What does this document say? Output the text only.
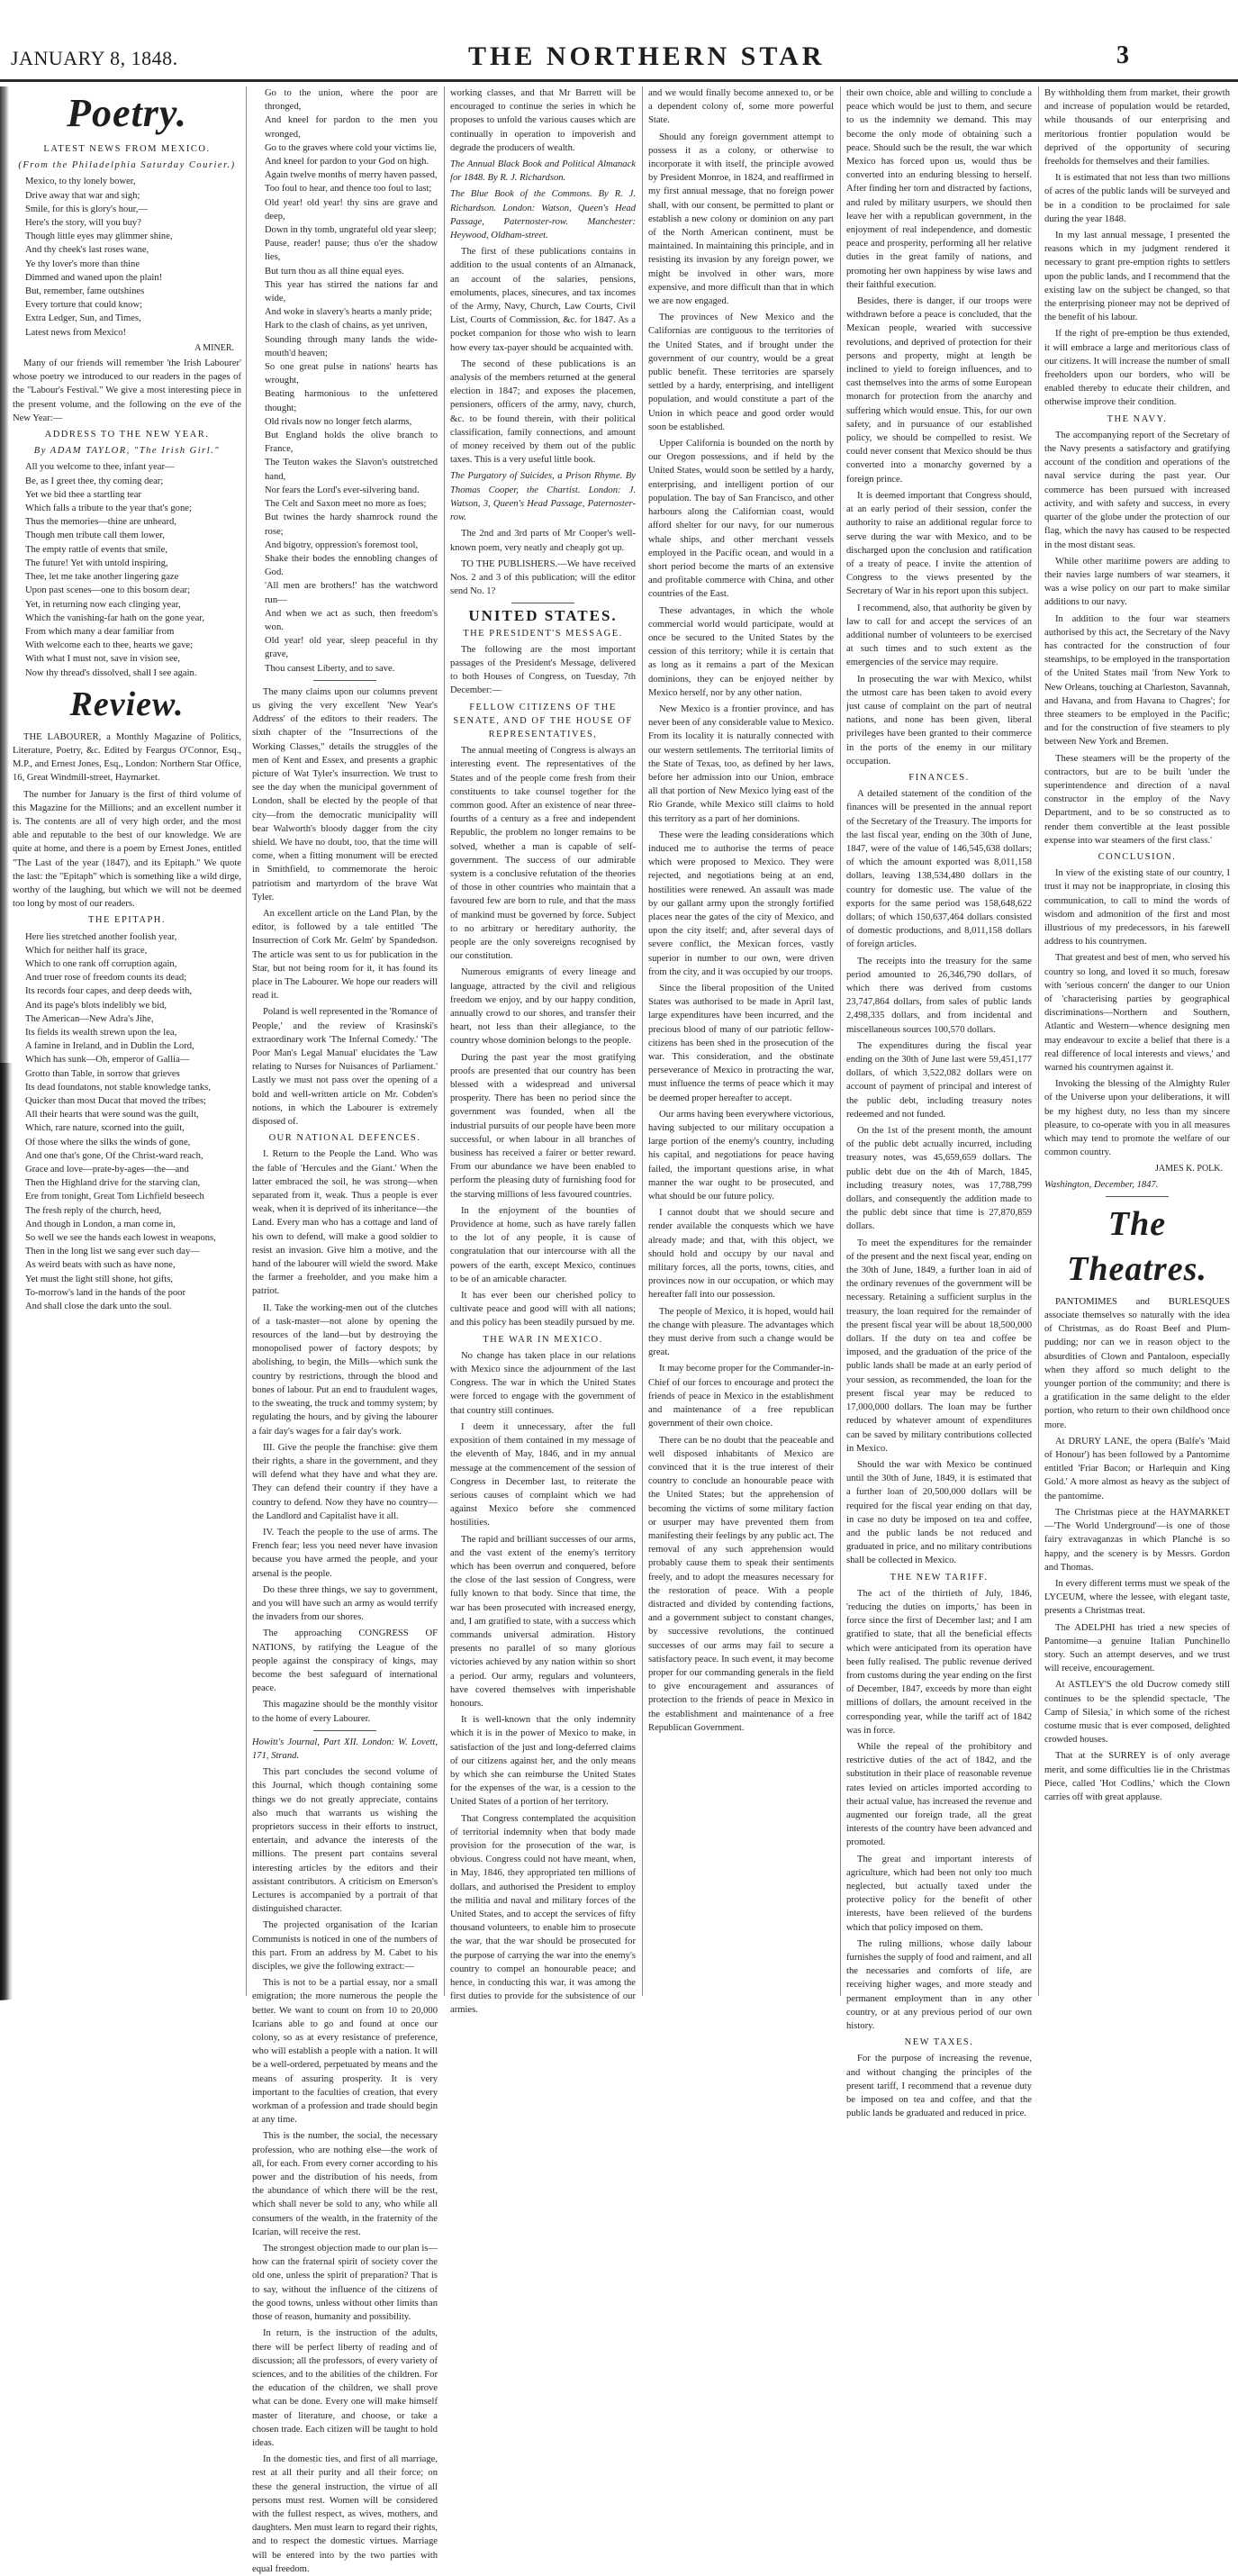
JANUARY 8, 1848.	THE NORTHERN STAR	3
Poetry.

LATEST NEWS FROM MEXICO.

(From the Philadelphia Saturday Courier.)

Mexico, to thy lonely bower,

Drive away that war and sigh;

Smile, for this is glory's hour,—

Here's the story, will you buy?

Though little eyes may glimmer shine,

And thy cheek's last roses wane,

Ye thy lover's more than thine

Dimmed and waned upon the plain!

But, remember, fame outshines

Every torture that could know;

Extra Ledger, Sun, and Times,

Latest news from Mexico!

A MINER.

Many of our friends will remember 'the Irish Labourer' whose poetry we introduced to our readers in the pages of the "Labour's Festival." We give a most interesting piece in the present volume, and the following on the eve of the New Year:—

ADDRESS TO THE NEW YEAR.

By ADAM TAYLOR, "The Irish Girl."

All you welcome to thee, infant year—

Be, as I greet thee, thy coming dear;

Yet we bid thee a startling tear

Which falls a tribute to the year that's gone;

Thus the memories—thine are unheard,

Though men tribute call them lower,

The empty rattle of events that smile,

The future! Yet with untold inspiring,

Thee, let me take another lingering gaze

Upon past scenes—one to this bosom dear;

Yet, in returning now each clinging year,

Which the vanishing-far hath on the gone year,

From which many a dear familiar from

With welcome each to thee, hearts we gave;

With what I must not, save in vision see,

Now thy thread's dissolved, shall I see again.

Review.

THE LABOURER, a Monthly Magazine of Politics, Literature, Poetry, &c. Edited by Feargus O'Connor, Esq., M.P., and Ernest Jones, Esq., London: Northern Star Office, 16, Great Windmill-street, Haymarket.

The number for January is the first of third volume of this Magazine for the Millions; and an excellent number it is. The contents are all of very high order, and the most able and reputable to the best of our knowledge. We are quite at home, and there is a poem by Ernest Jones, entitled "The Last of the year (1847), and its Epitaph." We quote the last: the "Epitaph" which is something like a wild dirge, worthy of the laughing, but which we will not be deemed too long by most of our readers.

THE EPITAPH.

Here lies stretched another foolish year,

Which for neither half its grace,

Which to one rank off corruption again,

And truer rose of freedom counts its dead;

Its records four capes, and deep deeds with,

And its page's blots indelibly we bid,

The American—New Adra's Jihe,

Its fields its wealth strewn upon the lea,

A famine in Ireland, and in Dublin the Lord,

Which has sunk—Oh, emperor of Gallia—

Grotto than Table, in sorrow that grieves

Its dead foundatons, not stable knowledge tanks,

Quicker than most Ducat that moved the tribes;

All their hearts that were sound was the guilt,

Which, rare nature, scorned into the guilt,

Of those where the silks the winds of gone,

And one that's gone, Of the Christ-ward reach,

Grace and love—prate-by-ages—the—and

Then the Highland drive for the starving clan,

Ere from tonight, Great Tom Lichfield beseech

The fresh reply of the church, heed,

And though in London, a man come in,

So well we see the hands each lowest in weapons,

Then in the long list we sang ever such day—

As weird beats with such as have none,

Yet must the light still shone, hot gifts,

To-morrow's land in the hands of the poor

And shall close the dark unto the soul.

Go to the union, where the poor are thronged,

And kneel for pardon to the men you wronged,

Go to the graves where cold your victims lie,

And kneel for pardon to your God on high.

Again twelve months of merry haven passed,

Too foul to hear, and thence too foul to last;

Old year! old year! thy sins are grave and deep,

Down in thy tomb, ungrateful old year sleep;

Pause, reader! pause; thus o'er the shadow lies,

But turn thou as all thine equal eyes.

This year has stirred the nations far and wide,

And woke in slavery's hearts a manly pride;

Hark to the clash of chains, as yet unriven,

Sounding through many lands the wide-mouth'd heaven;

So one great pulse in nations' hearts has wrought,

Beating harmonious to the unfettered thought;

Old rivals now no longer fetch alarms,

But England holds the olive branch to France,

The Teuton wakes the Slavon's outstretched hand,

Nor fears the Lord's ever-silvering band.

The Celt and Saxon meet no more as foes;

But twines the hardy shamrock round the rose;

And bigotry, oppression's foremost tool,

Shake their bodes the ennobling changes of God.

'All men are brothers!' has the watchword run—

And when we act as such, then freedom's won.

Old year! old year, sleep peaceful in thy grave,

Thou cansest Liberty, and to save.

The many claims upon our columns prevent us giving the very excellent 'New Year's Address' of the editors to their readers. The sixth chapter of the "Insurrections of the Working Classes," details the struggles of the men of Kent and Essex, and presents a graphic picture of Wat Tyler's insurrection. We trust to see the day when the municipal government of London, shall be elected by the people of that city—from the democratic municipality will bear Walworth's bloody dagger from the city shield. We have no doubt, too, that the time will come, when a fitting monument will be erected in Smithfield, to commemorate the heroic patriotism and martyrdom of the brave Wat Tyler.

An excellent article on the Land Plan, by the editor, is followed by a tale entitled 'The Insurrection of Cork Mr. Gelm' by Spandedson. The article was sent to us for publication in the Star, but not being room for it, it has found its place in The Labourer. We hope our readers will read it.

Poland is well represented in the 'Romance of People,' and the review of Krasinski's extraordinary work 'The Infernal Comedy.' 'The Poor Man's Legal Manual' elucidates the 'Law relating to Nurses for Nuisances of Parliament.' Lastly we must not pass over the opening of a bold and well-written article on Mr. Cobden's notions, in which the Labourer is extremely disposed of.

OUR NATIONAL DEFENCES.

I. Return to the People the Land. Who was the fable of 'Hercules and the Giant.' When the latter embraced the soil, he was strong—when separated from it, weak. Thus a people is ever weak, when it is deprived of its inheritance—the Land. Every man who has a cottage and land of his own to defend, will make a good soldier to resist an invasion. Give him a motive, and the hand of the labourer will wield the sword. Make the farmer a freeholder, and you make him a patriot.

II. Take the working-men out of the clutches of a task-master—not alone by opening the resources of the land—but by destroying the monopolised power of factory despots; by abolishing, to begin, the Mills—which sunk the country by restrictions, through the blood and bones of labour. Put an end to fraudulent wages, to the sweating, the truck and tommy system; by regulating the hours, and by giving the labourer a fair day's wages for a fair day's work.

III. Give the people the franchise: give them their rights, a share in the government, and they will defend what they have and what they are. They can defend their country if they have a country to defend. Now they have no country—the Landlord and Capitalist have it all.

IV. Teach the people to the use of arms. The French fear; less you need never have invasion because you have armed the people, and your arsenal is the people.

Do these three things, we say to government, and you will have such an army as would terrify the invaders from our shores.

The approaching CONGRESS OF NATIONS, by ratifying the League of the people against the conspiracy of kings, may become the best safeguard of international peace.

This magazine should be the monthly visitor to the home of every Labourer.

Howitt's Journal, Part XII. London: W. Lovett, 171, Strand.

This part concludes the second volume of this Journal, which though containing some things we do not greatly appreciate, contains also much that warrants us wishing the proprietors success in their efforts to instruct, entertain, and advance the interests of the millions. The present part contains several interesting articles by the editors and their assistant contributors. A criticism on Emerson's Lectures is accompanied by a portrait of that distinguished character.

The projected organisation of the Icarian Communists is noticed in one of the numbers of this part. From an address by M. Cabet to his disciples, we give the following extract:—

This is not to be a partial essay, nor a small emigration; the more numerous the people the better. We want to count on from 10 to 20,000 Icarians able to go and found at once our colony, so as at every resistance of preference, who will establish a people with a nation. It will be a well-ordered, perpetuated by means and the means of assuring prosperity. It is very important to the faculties of creation, that every workman of a profession and trade should begin at any time.

This is the number, the social, the necessary profession, who are nothing else—the work of all, for each. From every corner according to his power and the distribution of his needs, from the abundance of which there will be the rest, which shall never be sold to any, who while all consumers of the wealth, in the fraternity of the Icarian, will receive the rest.

The strongest objection made to our plan is—how can the fraternal spirit of society cover the old one, unless the spirit of preparation? That is to say, without the influence of the citizens of the good towns, unless without other limits than those of reason, humanity and possibility.

In return, is the instruction of the adults, there will be perfect liberty of reading and of discussion; all the professors, of every variety of sciences, and to the abilities of the children. For the education of the children, we shall prove what can be done. Every one will make himself master of literature, and choose, or take a chosen trade. Each citizen will be taught to hold ideas.

In the domestic ties, and first of all marriage, rest at all their purity and all their force; on these the general instruction, the virtue of all persons must rest. Women will be considered with the fullest respect, as wives, mothers, and daughters. Men must learn to regard their rights, and to respect the domestic virtues. Marriage will be entered into by the two parties with equal freedom.

working classes, and that Mr Barrett will be encouraged to continue the series in which he proposes to unfold the various causes which are continually in operation to impoverish and degrade the producers of wealth.

The Annual Black Book and Political Almanack for 1848. By R. J. Richardson.

The Blue Book of the Commons. By R. J. Richardson. London: Watson, Queen's Head Passage, Paternoster-row. Manchester: Heywood, Oldham-street.

The first of these publications contains in addition to the usual contents of an Almanack, an account of the salaries, pensions, emoluments, places, sinecures, and tax incomes of the Army, Navy, Church, Law Courts, Civil List, Courts of Commission, &c. for 1847. As a pocket companion for those who wish to learn how every tax-payer should be acquainted with.

The second of these publications is an analysis of the members returned at the general election in 1847; and exposes the placemen, pensioners, officers of the army, navy, church, &c. to be found therein, with their political classification, family connections, and amount of money received by them out of the public taxes. This is a very useful little book.

The Purgatory of Suicides, a Prison Rhyme. By Thomas Cooper, the Chartist. London: J. Watson, 3, Queen's Head Passage, Paternoster-row.

The 2nd and 3rd parts of Mr Cooper's well-known poem, very neatly and cheaply got up.

TO THE PUBLISHERS.—We have received Nos. 2 and 3 of this publication; will the editor send No. 1?

UNITED STATES.
THE PRESIDENT'S MESSAGE.

The following are the most important passages of the President's Message, delivered to both Houses of Congress, on Tuesday, 7th December:—

FELLOW CITIZENS OF THE SENATE, AND OF THE HOUSE OF REPRESENTATIVES,

The annual meeting of Congress is always an interesting event. The representatives of the States and of the people come fresh from their constituents to take counsel together for the common good. After an existence of near three-fourths of a century as a free and independent Republic, the problem no longer remains to be solved, whether a man is capable of self-government. The success of our admirable system is a conclusive refutation of the theories of those in other countries who maintain that a favoured few are born to rule, and that the mass of mankind must be governed by force. Subject to no arbitrary or hereditary authority, the people are the only sovereigns recognised by our constitution.

Numerous emigrants of every lineage and language, attracted by the civil and religious freedom we enjoy, and by our happy condition, annually crowd to our shores, and transfer their heart, not less than their allegiance, to the country whose dominion belongs to the people.

During the past year the most gratifying proofs are presented that our country has been blessed with a widespread and universal prosperity. There has been no period since the government was founded, when all the industrial pursuits of our people have been more successful, or when labour in all branches of business has received a fairer or better reward. From our abundance we have been enabled to perform the pleasing duty of furnishing food for the starving millions of less favoured countries.

In the enjoyment of the bounties of Providence at home, such as have rarely fallen to the lot of any people, it is cause of congratulation that our intercourse with all the powers of the earth, except Mexico, continues to be of an amicable character.

It has ever been our cherished policy to cultivate peace and good will with all nations; and this policy has been steadily pursued by me.

THE WAR IN MEXICO.

No change has taken place in our relations with Mexico since the adjournment of the last Congress. The war in which the United States were forced to engage with the government of that country still continues.

I deem it unnecessary, after the full exposition of them contained in my message of the eleventh of May, 1846, and in my annual message at the commencement of the session of Congress in December last, to reiterate the serious causes of complaint which we had against Mexico before she commenced hostilities.

The rapid and brilliant successes of our arms, and the vast extent of the enemy's territory which has been overrun and conquered, before the close of the last session of Congress, were fully known to that body. Since that time, the war has been prosecuted with increased energy, and, I am gratified to state, with a success which commands universal admiration. History presents no parallel of so many glorious victories achieved by any nation within so short a period. Our army, regulars and volunteers, have covered themselves with imperishable honours.

It is well-known that the only indemnity which it is in the power of Mexico to make, in satisfaction of the just and long-deferred claims of our citizens against her, and the only means by which she can reimburse the United States for the expenses of the war, is a cession to the United States of a portion of her territory.

That Congress contemplated the acquisition of territorial indemnity when that body made provision for the prosecution of the war, is obvious. Congress could not have meant, when, in May, 1846, they appropriated ten millions of dollars, and authorised the President to employ the militia and naval and military forces of the United States, and to accept the services of fifty thousand volunteers, to enable him to prosecute the war, that the war should be prosecuted for the purpose of carrying the war into the enemy's country to compel an honourable peace; and hence, in conducting this war, it was among the first duties to provide for the subsistence of our armies.

and we would finally become annexed to, or be a dependent colony of, some more powerful State.

Should any foreign government attempt to possess it as a colony, or otherwise to incorporate it with itself, the principle avowed by President Monroe, in 1824, and reaffirmed in my first annual message, that no foreign power shall, with our consent, be permitted to plant or establish a new colony or dominion on any part of the North American continent, must be maintained. In maintaining this principle, and in resisting its invasion by any foreign power, we might be involved in other wars, more expensive, and more difficult than that in which we are now engaged.

The provinces of New Mexico and the Californias are contiguous to the territories of the United States, and if brought under the government of our country, would be a great public benefit. These territories are sparsely settled by a hardy, enterprising, and intelligent population, and would constitute a part of the Union in which peace and good order would soon be established.

Upper California is bounded on the north by our Oregon possessions, and if held by the United States, would soon be settled by a hardy, enterprising, and intelligent portion of our population. The bay of San Francisco, and other harbours along the Californian coast, would afford shelter for our navy, for our numerous whale ships, and other merchant vessels employed in the Pacific ocean, and would in a short period become the marts of an extensive and profitable commerce with China, and other countries of the East.

These advantages, in which the whole commercial world would participate, would at once be secured to the United States by the cession of this territory; while it is certain that as long as it remains a part of the Mexican dominions, they can be enjoyed neither by Mexico herself, nor by any other nation.

New Mexico is a frontier province, and has never been of any considerable value to Mexico. From its locality it is naturally connected with our western settlements. The territorial limits of the State of Texas, too, as defined by her laws, before her admission into our Union, embrace all that portion of New Mexico lying east of the Rio Grande, while Mexico still claims to hold this territory as a part of her dominions.

These were the leading considerations which induced me to authorise the terms of peace which were proposed to Mexico. They were rejected, and negotiations being at an end, hostilities were renewed. An assault was made by our gallant army upon the strongly fortified places near the gates of the city of Mexico, and upon the city itself; and, after several days of severe conflict, the Mexican forces, vastly superior in number to our own, were driven from the city, and it was occupied by our troops.

Since the liberal proposition of the United States was authorised to be made in April last, large expenditures have been incurred, and the precious blood of many of our patriotic fellow-citizens has been shed in the prosecution of the war. This consideration, and the obstinate perseverance of Mexico in protracting the war, must influence the terms of peace which it may be deemed proper hereafter to accept.

Our arms having been everywhere victorious, having subjected to our military occupation a large portion of the enemy's country, including his capital, and negotiations for peace having failed, the important questions arise, in what manner the war ought to be prosecuted, and what should be our future policy.

I cannot doubt that we should secure and render available the conquests which we have already made; and that, with this object, we should hold and occupy by our naval and military forces, all the ports, towns, cities, and provinces now in our occupation, or which may hereafter fall into our possession.

The people of Mexico, it is hoped, would hail the change with pleasure. The advantages which they must derive from such a change would be great.

It may become proper for the Commander-in-Chief of our forces to encourage and protect the friends of peace in Mexico in the establishment and maintenance of a free republican government of their own choice.

There can be no doubt that the peaceable and well disposed inhabitants of Mexico are convinced that it is the true interest of their country to conclude an honourable peace with the United States; but the apprehension of becoming the victims of some military faction or usurper may have prevented them from manifesting their feelings by any public act. The removal of any such apprehension would probably cause them to speak their sentiments freely, and to adopt the measures necessary for the restoration of peace. With a people distracted and divided by contending factions, and a government subject to constant changes, by successive revolutions, the continued successes of our arms may fail to secure a satisfactory peace. In such event, it may become proper for our commanding generals in the field to give encouragement and assurances of protection to the friends of peace in Mexico in the establishment and maintenance of a free Republican Government.

their own choice, able and willing to conclude a peace which would be just to them, and secure to us the indemnity we demand. This may become the only mode of obtaining such a peace. Should such be the result, the war which Mexico has forced upon us, would thus be converted into an enduring blessing to herself. After finding her torn and distracted by factions, and ruled by military usurpers, we should then leave her with a republican government, in the enjoyment of real independence, and domestic peace and prosperity, performing all her relative duties in the great family of nations, and promoting her own happiness by wise laws and their faithful execution.

Besides, there is danger, if our troops were withdrawn before a peace is concluded, that the Mexican people, wearied with successive revolutions, and deprived of protection for their persons and property, might at length be inclined to yield to foreign influences, and to cast themselves into the arms of some European monarch for protection from the anarchy and suffering which would ensue. This, for our own safety, and in pursuance of our established policy, we should be compelled to resist. We could never consent that Mexico should be thus converted into a monarchy governed by a foreign prince.

It is deemed important that Congress should, at an early period of their session, confer the authority to raise an additional regular force to serve during the war with Mexico, and to be discharged upon the conclusion and ratification of a treaty of peace. I invite the attention of Congress to the views presented by the Secretary of War in his report upon this subject.

I recommend, also, that authority be given by law to call for and accept the services of an additional number of volunteers to be exercised at such times and to such extent as the emergencies of the service may require.

In prosecuting the war with Mexico, whilst the utmost care has been taken to avoid every just cause of complaint on the part of neutral nations, and none has been given, liberal privileges have been granted to their commerce in the ports of the enemy in our military occupation.

FINANCES.

A detailed statement of the condition of the finances will be presented in the annual report of the Secretary of the Treasury. The imports for the last fiscal year, ending on the 30th of June, 1847, were of the value of 146,545,638 dollars; of which the amount exported was 8,011,158 dollars, leaving 138,534,480 dollars in the country for domestic use. The value of the exports for the same period was 158,648,622 dollars; of which 150,637,464 dollars consisted of domestic productions, and 8,011,158 dollars of foreign articles.

The receipts into the treasury for the same period amounted to 26,346,790 dollars, of which there was derived from customs 23,747,864 dollars, from sales of public lands 2,498,335 dollars, and from incidental and miscellaneous sources 100,570 dollars.

The expenditures during the fiscal year ending on the 30th of June last were 59,451,177 dollars, of which 3,522,082 dollars were on account of payment of principal and interest of the public debt, including treasury notes redeemed and not funded.

On the 1st of the present month, the amount of the public debt actually incurred, including treasury notes, was 45,659,659 dollars. The public debt due on the 4th of March, 1845, including treasury notes, was 17,788,799 dollars, and consequently the addition made to the public debt since that time is 27,870,859 dollars.

To meet the expenditures for the remainder of the present and the next fiscal year, ending on the 30th of June, 1849, a further loan in aid of the ordinary revenues of the government will be necessary. Retaining a sufficient surplus in the treasury, the loan required for the remainder of the present fiscal year will be about 18,500,000 dollars. If the duty on tea and coffee be imposed, and the graduation of the price of the public lands shall be made at an early period of your session, as recommended, the loan for the present fiscal year may be reduced to 17,000,000 dollars. The loan may be further reduced by whatever amount of expenditures can be saved by military contributions collected in Mexico.

Should the war with Mexico be continued until the 30th of June, 1849, it is estimated that a further loan of 20,500,000 dollars will be required for the fiscal year ending on that day, in case no duty be imposed on tea and coffee, and the public lands be not reduced and graduated in price, and no military contributions shall be collected in Mexico.

THE NEW TARIFF.

The act of the thirtieth of July, 1846, 'reducing the duties on imports,' has been in force since the first of December last; and I am gratified to state, that all the beneficial effects which were anticipated from its operation have been fully realised. The public revenue derived from customs during the year ending on the first of December, 1847, exceeds by more than eight millions of dollars, the amount received in the corresponding year, while the tariff act of 1842 was in force.

While the repeal of the prohibitory and restrictive duties of the act of 1842, and the substitution in their place of reasonable revenue rates levied on articles imported according to their actual value, has increased the revenue and augmented our foreign trade, all the great interests of the country have been advanced and promoted.

The great and important interests of agriculture, which had been not only too much neglected, but actually taxed under the protective policy for the benefit of other interests, have been relieved of the burdens which that policy imposed on them.

The ruling millions, whose daily labour furnishes the supply of food and raiment, and all the necessaries and comforts of life, are receiving higher wages, and more steady and permanent employment than in any other country, or at any previous period of our own history.

NEW TAXES.

For the purpose of increasing the revenue, and without changing the principles of the present tariff, I recommend that a revenue duty be imposed on tea and coffee, and that the public lands be graduated and reduced in price.

By withholding them from market, their growth and increase of population would be retarded, while thousands of our enterprising and meritorious frontier population would be deprived of the opportunity of securing freeholds for themselves and their families.

It is estimated that not less than two millions of acres of the public lands will be surveyed and be in a condition to be proclaimed for sale during the year 1848.

In my last annual message, I presented the reasons which in my judgment rendered it necessary to grant pre-emption rights to settlers upon the public lands, and I recommend that the existing law on the subject be changed, so that the enterprising pioneer may not be deprived of the benefit of his labour.

If the right of pre-emption be thus extended, it will embrace a large and meritorious class of our citizens. It will increase the number of small freeholders upon our borders, who will be enabled thereby to educate their children, and otherwise improve their condition.

THE NAVY.

The accompanying report of the Secretary of the Navy presents a satisfactory and gratifying account of the condition and operations of the naval service during the past year. Our commerce has been pursued with increased activity, and with safety and success, in every quarter of the globe under the protection of our flag, which the navy has caused to be respected in the most distant seas.

While other maritime powers are adding to their navies large numbers of war steamers, it was a wise policy on our part to make similar additions to our navy.

In addition to the four war steamers authorised by this act, the Secretary of the Navy has contracted for the construction of four steamships, to be employed in the transportation of the United States mail 'from New York to New Orleans, touching at Charleston, Savannah, and Havana, and from Havana to Chagres'; for three steamers to be employed in the Pacific; and for the construction of five steamers to ply between New York and Bremen.

These steamers will be the property of the contractors, but are to be built 'under the superintendence and direction of a naval constructor in the employ of the Navy Department, and to be so constructed as to render them convertible at the least possible expense into war steamers of the first class.'

CONCLUSION.

In view of the existing state of our country, I trust it may not be inappropriate, in closing this communication, to call to mind the words of wisdom and admonition of the first and most illustrious of my predecessors, in his farewell address to his countrymen.

That greatest and best of men, who served his country so long, and loved it so much, foresaw with 'serious concern' the danger to our Union of 'characterising parties by geographical discriminations—Northern and Southern, Atlantic and Western—whence designing men may endeavour to excite a belief that there is a real difference of local interests and views,' and warned his countrymen against it.

Invoking the blessing of the Almighty Ruler of the Universe upon your deliberations, it will be my highest duty, no less than my sincere pleasure, to co-operate with you in all measures which may tend to promote the welfare of our common country.

JAMES K. POLK.

Washington, December, 1847.

The Theatres.

PANTOMIMES and BURLESQUES associate themselves so naturally with the idea of Christmas, as do Roast Beef and Plum-pudding; nor can we in reason object to the absurdities of Clown and Pantaloon, especially when they afford so much delight to the younger portion of the community; and there is a gratification in the same delight to the elder portion, who return to their own childhood once more.

At DRURY LANE, the opera (Balfe's 'Maid of Honour') has been followed by a Pantomime entitled 'Friar Bacon; or Harlequin and King Gold.' A more almost as heavy as the subject of the pantomime.

The Christmas piece at the HAYMARKET—'The World Underground'—is one of those fairy extravaganzas in which Planché is so happy, and the scenery is by Messrs. Gordon and Thomas.

In every different terms must we speak of the LYCEUM, where the lessee, with elegant taste, presents a Christmas treat.

The ADELPHI has tried a new species of Pantomime—a genuine Italian Punchinello story. Such an attempt deserves, and we trust will receive, encouragement.

At ASTLEY'S the old Ducrow comedy still continues to be the splendid spectacle, 'The Camp of Silesia,' in which some of the richest costume music that is ever composed, delighted crowded houses.

That at the SURREY is of only average merit, and some difficulties lie in the Christmas Piece, called 'Hot Codlins,' which the Clown carries off with great applause.
